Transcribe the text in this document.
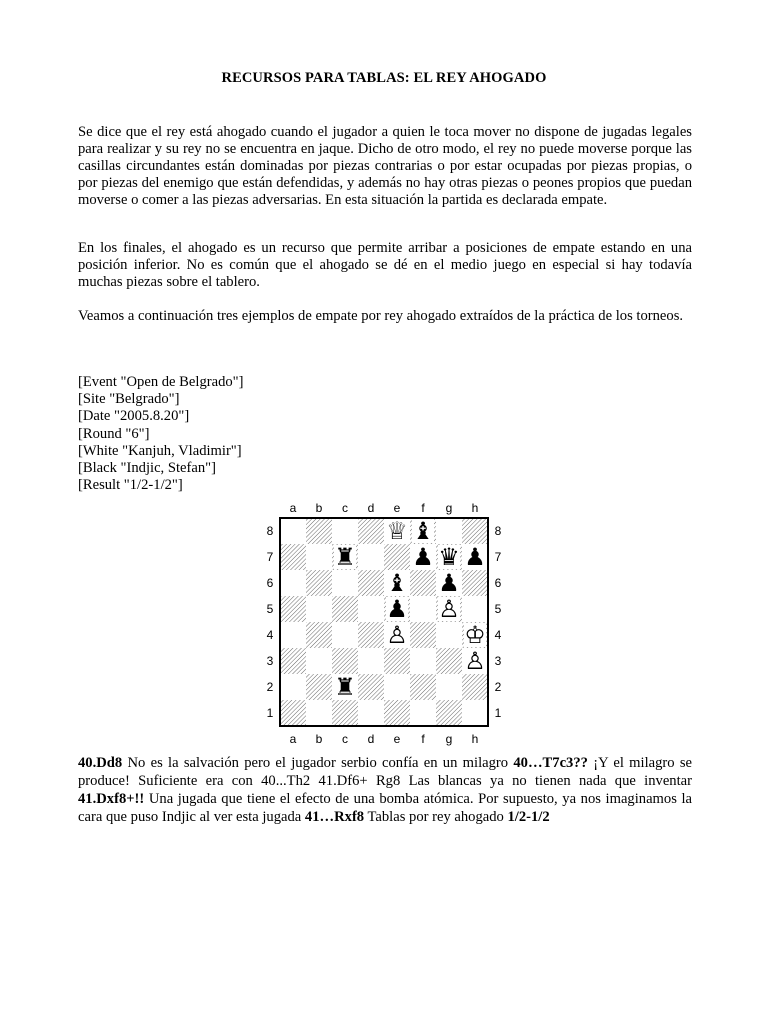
RECURSOS PARA TABLAS: EL REY AHOGADO

Se dice que el rey está ahogado cuando el jugador a quien le toca mover no dispone de jugadas legales para realizar y su rey no se encuentra en jaque. Dicho de otro modo, el rey no puede moverse porque las casillas circundantes están dominadas por piezas contrarias o por estar ocupadas por piezas propias, o por piezas del enemigo que están defendidas, y además no hay otras piezas o peones propios que puedan moverse o comer a las piezas adversarias. En esta situación la partida es declarada empate.

En los finales, el ahogado es un recurso que permite arribar a posiciones de empate estando en una posición inferior. No es común que el ahogado se dé en el medio juego en especial si hay todavía muchas piezas sobre el tablero.

Veamos a continuación tres ejemplos de empate por rey ahogado extraídos de la práctica de los torneos.

[Event "Open de Belgrado"]
[Site "Belgrado"]
[Date "2005.8.20"]
[Round "6"]
[White "Kanjuh, Vladimir"]
[Black "Indjic, Stefan"]
[Result "1/2-1/2"]
a
a
b
b
c
c
d
d
e
e
f
f
g
g
h
h
8	8
7	7
6	6
5	5
4	4
3	3
2	2
1	1
♕ ♝
♜ ♟ ♛ ♟
♝ ♟
♟ ♙
♙ ♔
♙
♜

40.Dd8 No es la salvación pero el jugador serbio confía en un milagro 40…T7c3?? ¡Y el milagro se produce! Suficiente era con 40...Th2 41.Df6+ Rg8 Las blancas ya no tienen nada que inventar 41.Dxf8+!! Una jugada que tiene el efecto de una bomba atómica. Por supuesto, ya nos imaginamos la cara que puso Indjic al ver esta jugada 41…Rxf8 Tablas por rey ahogado 1/2-1/2
